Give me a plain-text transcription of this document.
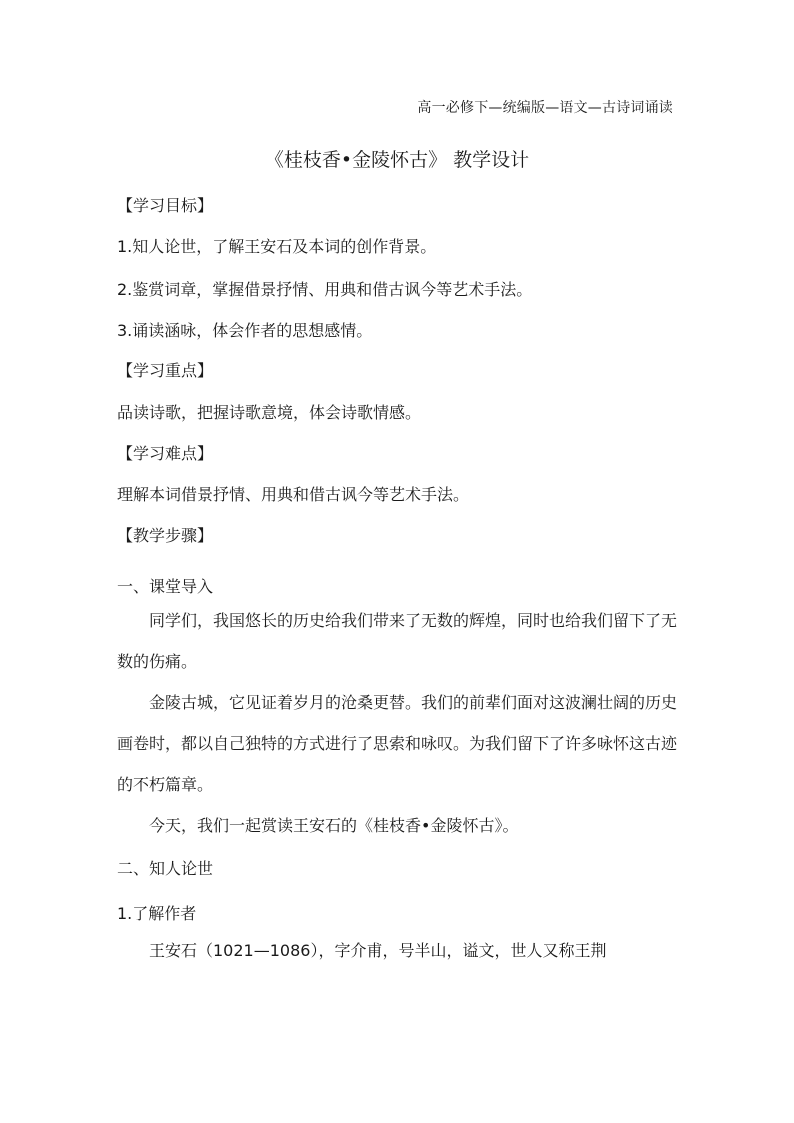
高一必修下—统编版—语文—古诗词诵读
《桂枝香•金陵怀古》 教学设计
【学习目标】
1.知人论世，了解王安石及本词的创作背景。
2.鉴赏词章，掌握借景抒情、用典和借古讽今等艺术手法。
3.诵读涵咏，体会作者的思想感情。
【学习重点】
品读诗歌，把握诗歌意境，体会诗歌情感。
【学习难点】
理解本词借景抒情、用典和借古讽今等艺术手法。
【教学步骤】
一、课堂导入
同学们，我国悠长的历史给我们带来了无数的辉煌，同时也给我们留下了无数的伤痛。
金陵古城，它见证着岁月的沧桑更替。我们的前辈们面对这波澜壮阔的历史画卷时，都以自己独特的方式进行了思索和咏叹。为我们留下了许多咏怀这古迹的不朽篇章。
今天，我们一起赏读王安石的《桂枝香•金陵怀古》。
二、知人论世
1.了解作者
王安石（1021—1086），字介甫，号半山，谥文，世人又称王荆
